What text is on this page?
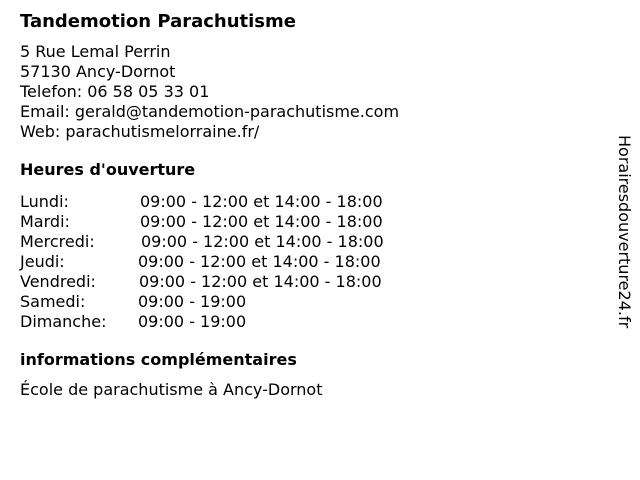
Tandemotion Parachutisme
5 Rue Lemal Perrin
57130 Ancy-Dornot
Telefon: 06 58 05 33 01
Email: gerald@tandemotion-parachutisme.com
Web: parachutismelorraine.fr/
Heures d'ouverture
Lundi:	09:00 - 12:00 et 14:00 - 18:00
Mardi:	09:00 - 12:00 et 14:00 - 18:00
Mercredi:	09:00 - 12:00 et 14:00 - 18:00
Jeudi:	09:00 - 12:00 et 14:00 - 18:00
Vendredi:	09:00 - 12:00 et 14:00 - 18:00
Samedi:	09:00 - 19:00
Dimanche:	09:00 - 19:00
informations complémentaires
École de parachutisme à Ancy-Dornot
Horairesdouverture24.fr
